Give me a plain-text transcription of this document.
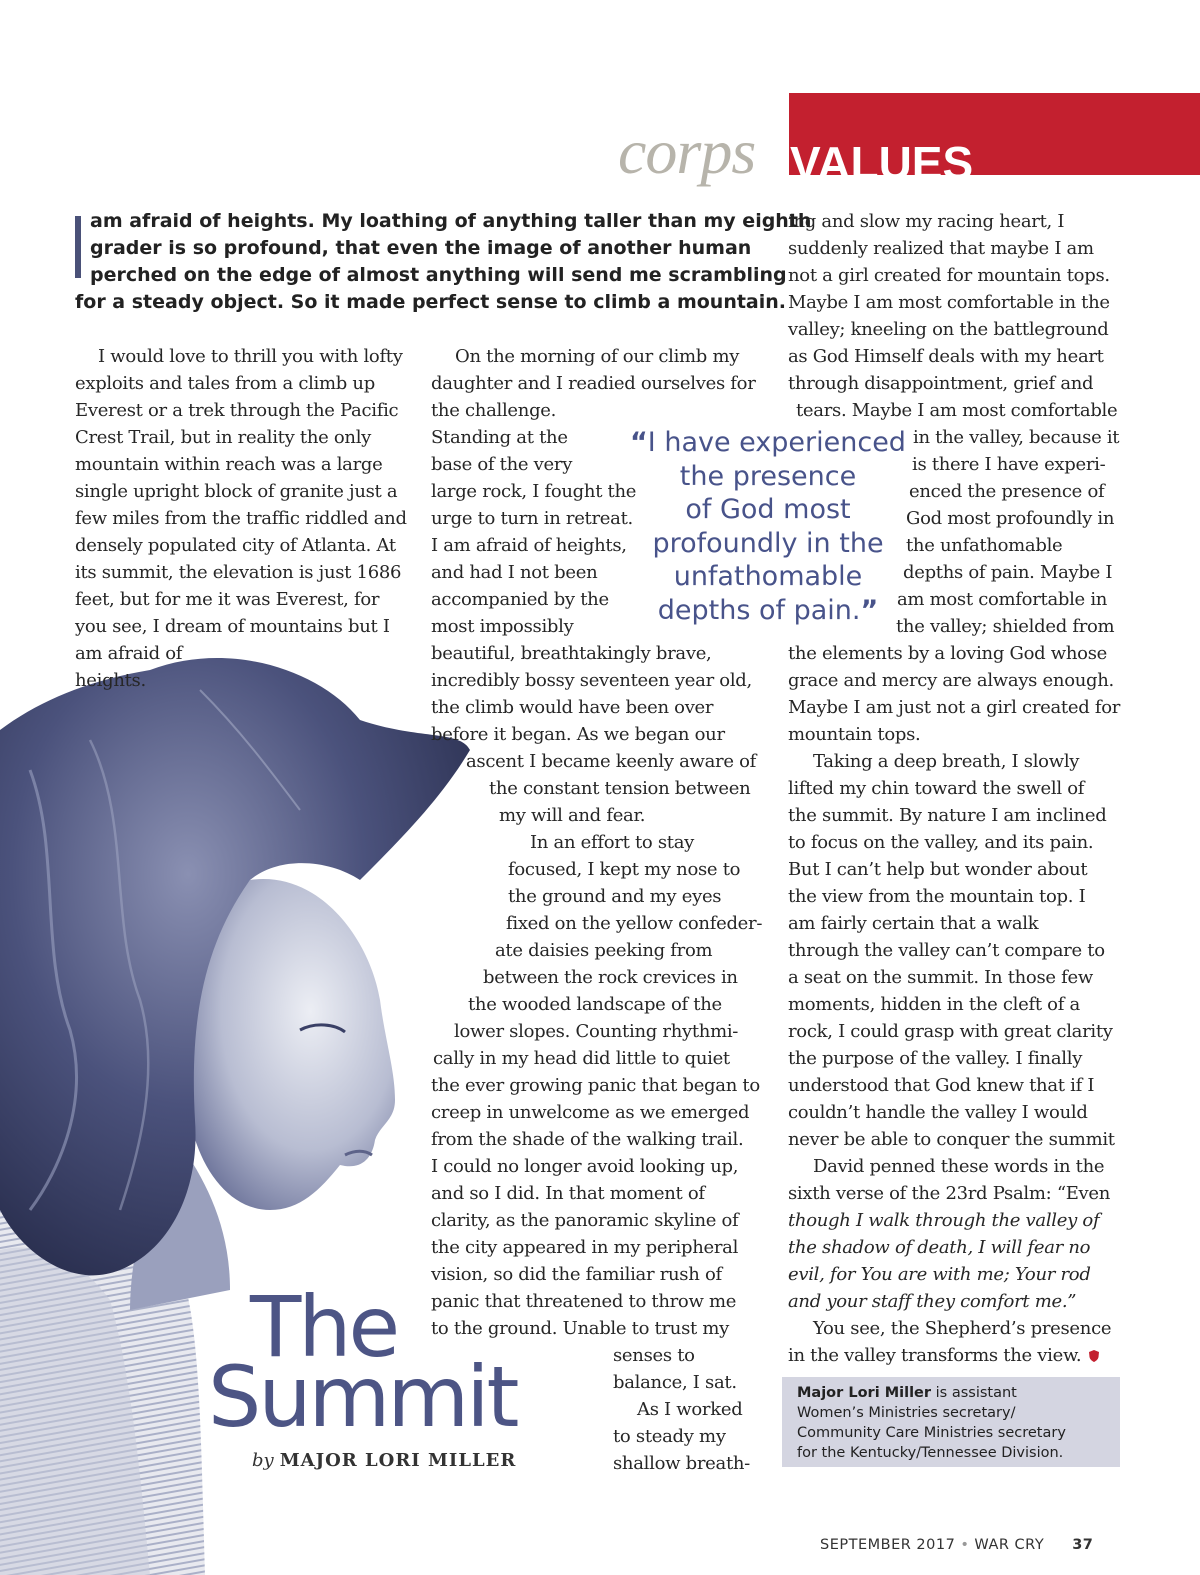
corps VALUES
am afraid of heights. My loathing of anything taller than my eighth
grader is so profound, that even the image of another human
perched on the edge of almost anything will send me scrambling
for a steady object. So it made perfect sense to climb a mountain.
I would love to thrill you with lofty
exploits and tales from a climb up
Everest or a trek through the Pacific
Crest Trail, but in reality the only
mountain within reach was a large
single upright block of granite just a
few miles from the traffic riddled and
densely populated city of Atlanta. At
its summit, the elevation is just 1686
feet, but for me it was Everest, for
you see, I dream of mountains but I
am afraid of
heights.
On the morning of our climb my
daughter and I readied ourselves for
the challenge.
Standing at the
base of the very
large rock, I fought the
urge to turn in retreat.
I am afraid of heights,
and had I not been
accompanied by the
most impossibly
beautiful, breathtakingly brave,
incredibly bossy seventeen year old,
the climb would have been over
before it began. As we began our
ascent I became keenly aware of
the constant tension between
my will and fear.
In an effort to stay
focused, I kept my nose to
the ground and my eyes
fixed on the yellow confeder-
ate daisies peeking from
between the rock crevices in
the wooded landscape of the
lower slopes. Counting rhythmi-
cally in my head did little to quiet
the ever growing panic that began to
creep in unwelcome as we emerged
from the shade of the walking trail.
I could no longer avoid looking up,
and so I did. In that moment of
clarity, as the panoramic skyline of
the city appeared in my peripheral
vision, so did the familiar rush of
panic that threatened to throw me
to the ground. Unable to trust my
senses to
balance, I sat.
As I worked
to steady my
shallow breath-
“I have experienced
the presence
of God most
profoundly in the
unfathomable
depths of pain.”
ing and slow my racing heart, I
suddenly realized that maybe I am
not a girl created for mountain tops.
Maybe I am most comfortable in the
valley; kneeling on the battleground
as God Himself deals with my heart
through disappointment, grief and
tears. Maybe I am most comfortable
in the valley, because it
is there I have experi-
enced the presence of
God most profoundly in
the unfathomable
depths of pain. Maybe I
am most comfortable in
the valley; shielded from
the elements by a loving God whose
grace and mercy are always enough.
Maybe I am just not a girl created for
mountain tops.
Taking a deep breath, I slowly
lifted my chin toward the swell of
the summit. By nature I am inclined
to focus on the valley, and its pain.
But I can’t help but wonder about
the view from the mountain top. I
am fairly certain that a walk
through the valley can’t compare to
a seat on the summit. In those few
moments, hidden in the cleft of a
rock, I could grasp with great clarity
the purpose of the valley. I finally
understood that God knew that if I
couldn’t handle the valley I would
never be able to conquer the summit
David penned these words in the
sixth verse of the 23rd Psalm: “Even
though I walk through the valley of
the shadow of death, I will fear no
evil, for You are with me; Your rod
and your staff they comfort me.”
You see, the Shepherd’s presence
in the valley transforms the view.
Major Lori Miller is assistant
Women’s Ministries secretary/
Community Care Ministries secretary
for the Kentucky/Tennessee Division.
The
Summit
by MAJOR LORI MILLER
SEPTEMBER 2017 • WAR CRY 37
